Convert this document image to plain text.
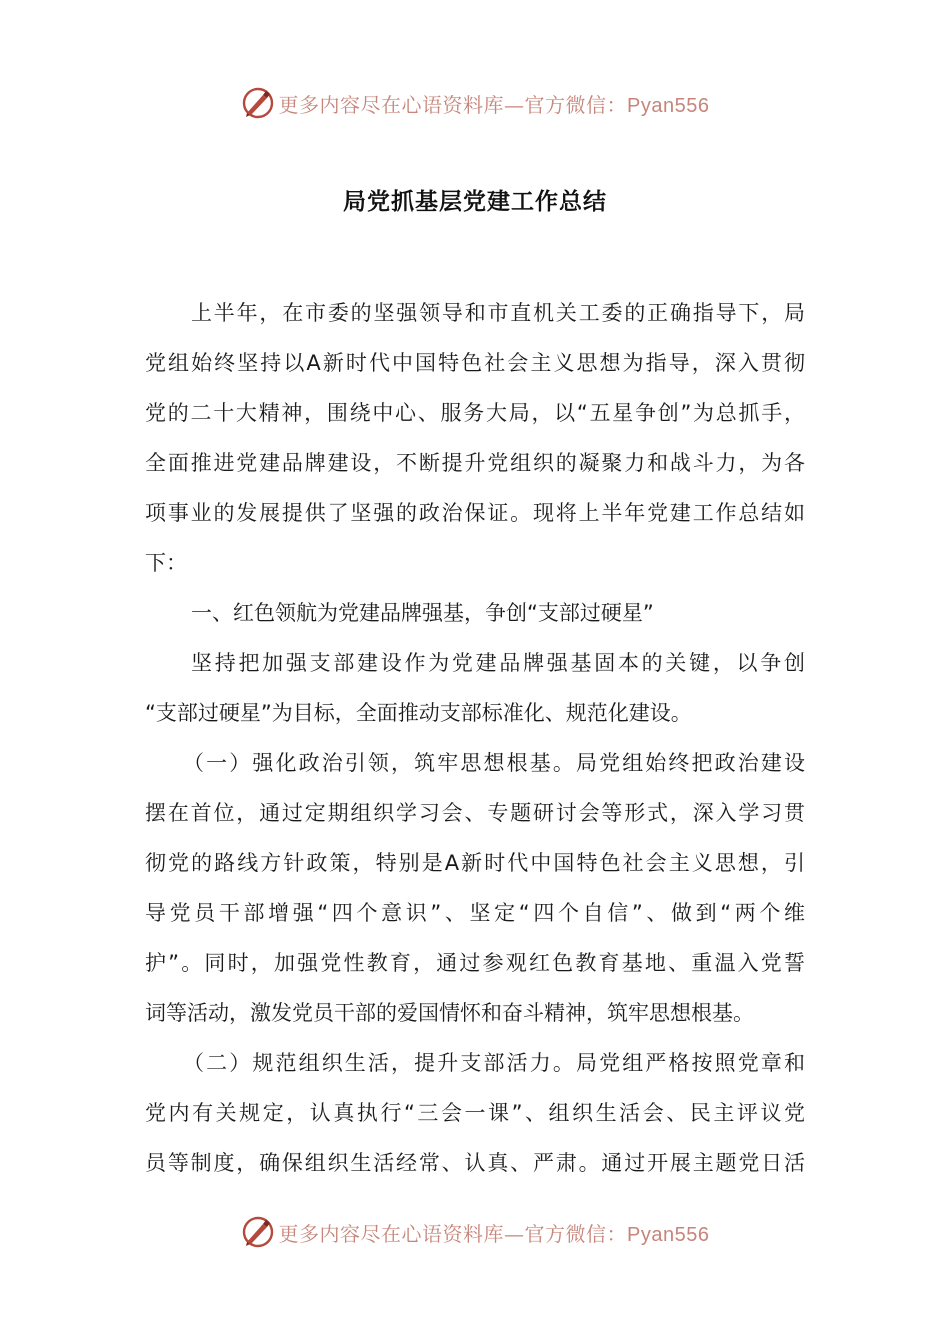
更多内容尽在心语资料库—官方微信：Pyan556
局党抓基层党建工作总结
上半年，在市委的坚强领导和市直机关工委的正确指导下，局
党组始终坚持以A新时代中国特色社会主义思想为指导，深入贯彻
党的二十大精神，围绕中心、服务大局，以“五星争创”为总抓手，
全面推进党建品牌建设，不断提升党组织的凝聚力和战斗力，为各
项事业的发展提供了坚强的政治保证。现将上半年党建工作总结如
下：
一、红色领航为党建品牌强基，争创“支部过硬星”
坚持把加强支部建设作为党建品牌强基固本的关键，以争创
“支部过硬星”为目标，全面推动支部标准化、规范化建设。
（一）强化政治引领，筑牢思想根基。局党组始终把政治建设
摆在首位，通过定期组织学习会、专题研讨会等形式，深入学习贯
彻党的路线方针政策，特别是A新时代中国特色社会主义思想，引
导党员干部增强“四个意识”、坚定“四个自信”、做到“两个维
护”。同时，加强党性教育，通过参观红色教育基地、重温入党誓
词等活动，激发党员干部的爱国情怀和奋斗精神，筑牢思想根基。
（二）规范组织生活，提升支部活力。局党组严格按照党章和
党内有关规定，认真执行“三会一课”、组织生活会、民主评议党
员等制度，确保组织生活经常、认真、严肃。通过开展主题党日活
更多内容尽在心语资料库—官方微信：Pyan556
